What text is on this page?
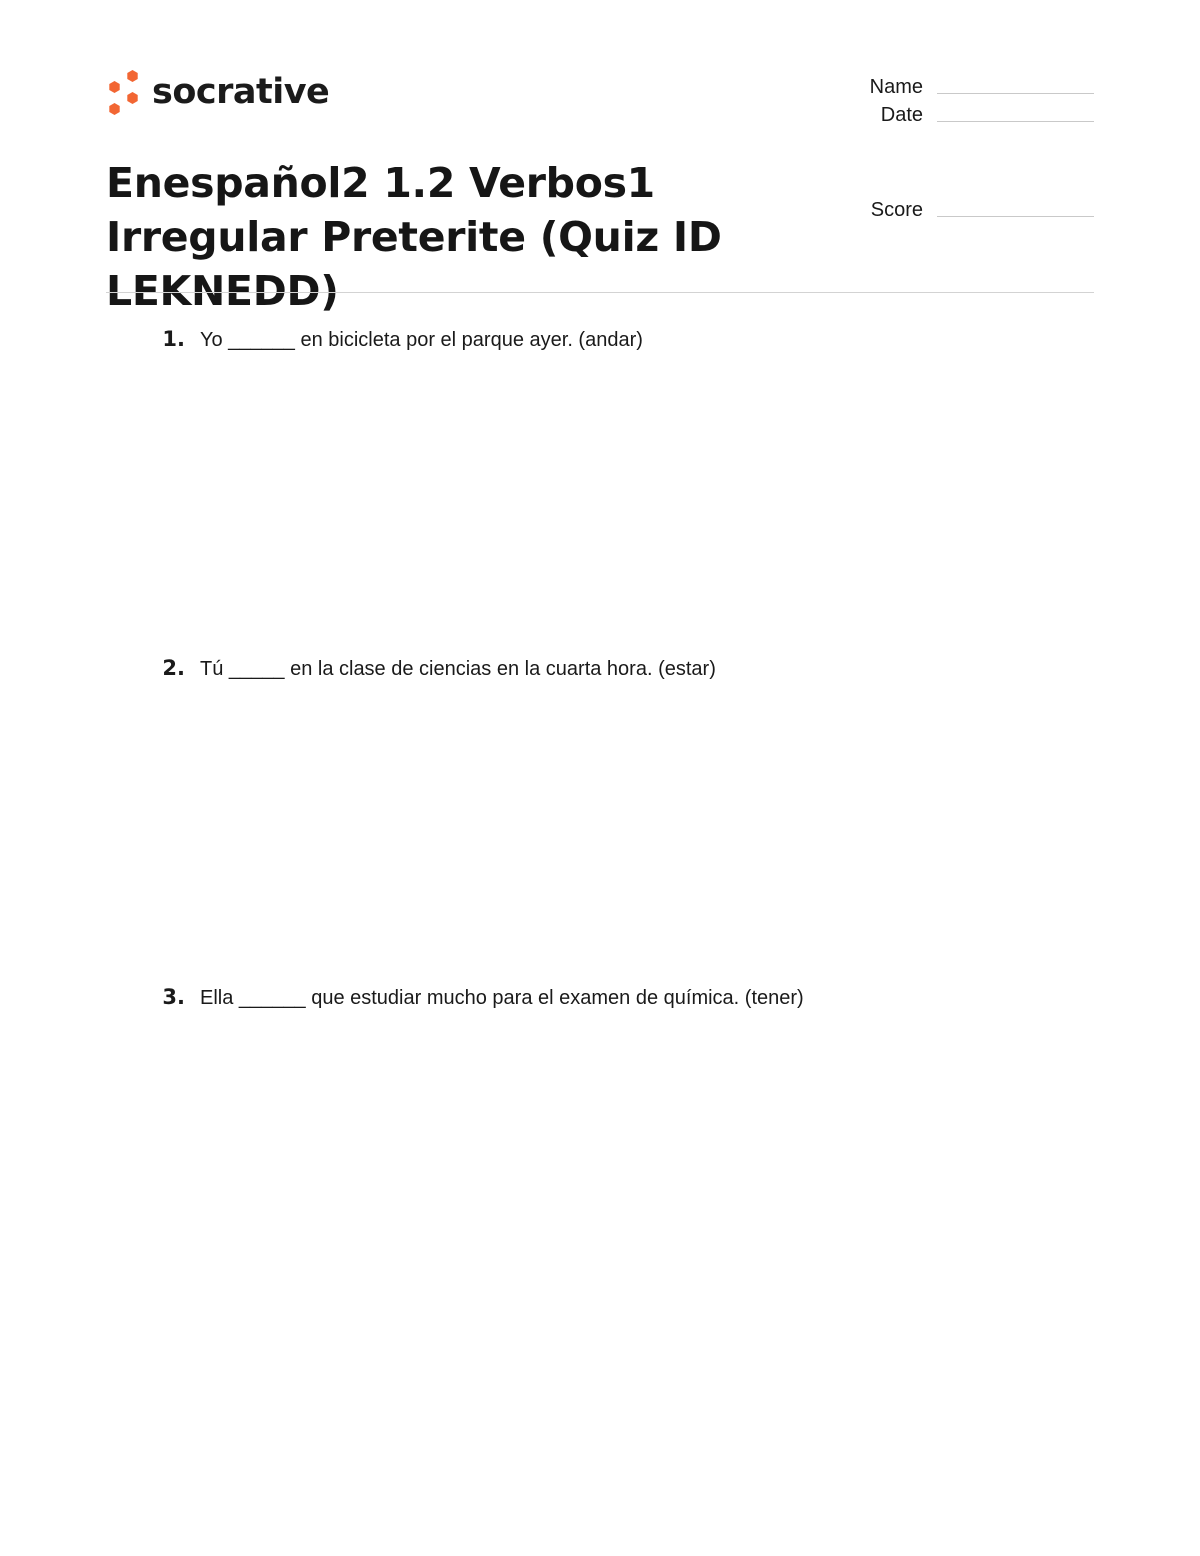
socrative	Name
Date
Score
Enespañol2 1.2 Verbos1 Irregular Preterite (Quiz ID LEKNEDD)
1. Yo ______ en bicicleta por el parque ayer. (andar)
2. Tú _____ en la clase de ciencias en la cuarta hora. (estar)
3. Ella ______ que estudiar mucho para el examen de química. (tener)
